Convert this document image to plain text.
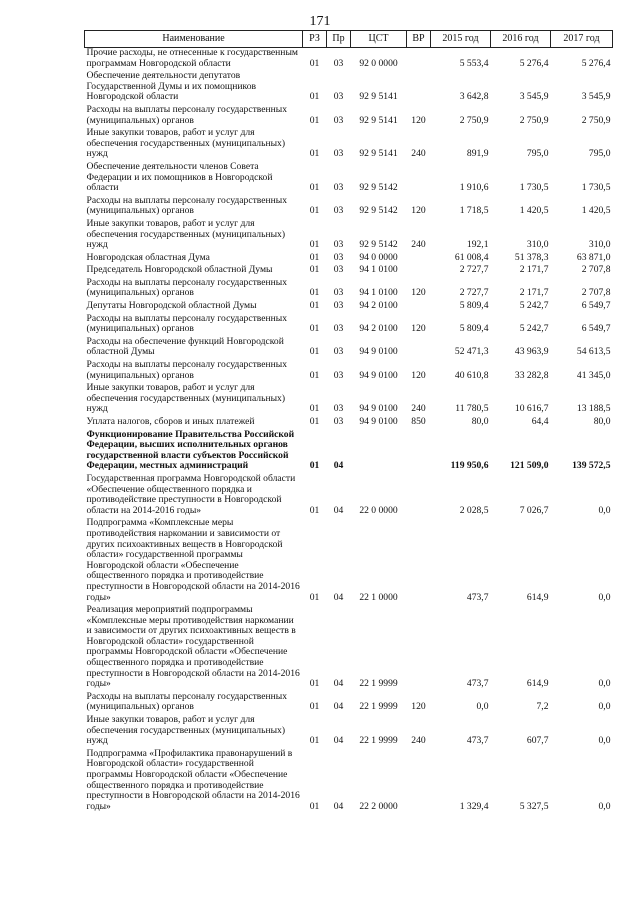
171
Наименование	РЗ	Пр	ЦСТ	ВР	2015 год	2016 год	2017 год
Прочие расходы, не отнесенные к государственным программам Новгородской области	01	03	92 0 0000		5 553,4	5 276,4	5 276,4
Обеспечение деятельности депутатов Государственной Думы и их помощников Новгородской области	01	03	92 9 5141		3 642,8	3 545,9	3 545,9
Расходы на выплаты персоналу государственных (муниципальных) органов	01	03	92 9 5141	120	2 750,9	2 750,9	2 750,9
Иные закупки товаров, работ и услуг для обеспечения государственных (муниципальных) нужд	01	03	92 9 5141	240	891,9	795,0	795,0
Обеспечение деятельности членов Совета Федерации и их помощников в Новгородской области	01	03	92 9 5142		1 910,6	1 730,5	1 730,5
Расходы на выплаты персоналу государственных (муниципальных) органов	01	03	92 9 5142	120	1 718,5	1 420,5	1 420,5
Иные закупки товаров, работ и услуг для обеспечения государственных (муниципальных) нужд	01	03	92 9 5142	240	192,1	310,0	310,0
Новгородская областная Дума	01	03	94 0 0000		61 008,4	51 378,3	63 871,0
Председатель Новгородской областной Думы	01	03	94 1 0100		2 727,7	2 171,7	2 707,8
Расходы на выплаты персоналу государственных (муниципальных) органов	01	03	94 1 0100	120	2 727,7	2 171,7	2 707,8
Депутаты Новгородской областной Думы	01	03	94 2 0100		5 809,4	5 242,7	6 549,7
Расходы на выплаты персоналу государственных (муниципальных) органов	01	03	94 2 0100	120	5 809,4	5 242,7	6 549,7
Расходы на обеспечение функций Новгородской областной Думы	01	03	94 9 0100		52 471,3	43 963,9	54 613,5
Расходы на выплаты персоналу государственных (муниципальных) органов	01	03	94 9 0100	120	40 610,8	33 282,8	41 345,0
Иные закупки товаров, работ и услуг для обеспечения государственных (муниципальных) нужд	01	03	94 9 0100	240	11 780,5	10 616,7	13 188,5
Уплата налогов, сборов и иных платежей	01	03	94 9 0100	850	80,0	64,4	80,0
Функционирование Правительства Российской Федерации, высших исполнительных органов государственной власти субъектов Российской Федерации, местных администраций	01	04			119 950,6	121 509,0	139 572,5
Государственная программа Новгородской области «Обеспечение общественного порядка и противодействие преступности в Новгородской области на 2014-2016 годы»	01	04	22 0 0000		2 028,5	7 026,7	0,0
Подпрограмма «Комплексные меры противодействия наркомании и зависимости от других психоактивных веществ в Новгородской области» государственной программы Новгородской области «Обеспечение общественного порядка и противодействие преступности в Новгородской области на 2014-2016 годы»	01	04	22 1 0000		473,7	614,9	0,0
Реализация мероприятий подпрограммы «Комплексные меры противодействия наркомании и зависимости от других психоактивных веществ в Новгородской области» государственной программы Новгородской области «Обеспечение общественного порядка и противодействие преступности в Новгородской области на 2014-2016 годы»	01	04	22 1 9999		473,7	614,9	0,0
Расходы на выплаты персоналу государственных (муниципальных) органов	01	04	22 1 9999	120	0,0	7,2	0,0
Иные закупки товаров, работ и услуг для обеспечения государственных (муниципальных) нужд	01	04	22 1 9999	240	473,7	607,7	0,0
Подпрограмма «Профилактика правонарушений в Новгородской области» государственной программы Новгородской области «Обеспечение общественного порядка и противодействие преступности в Новгородской области на 2014-2016 годы»	01	04	22 2 0000		1 329,4	5 327,5	0,0
